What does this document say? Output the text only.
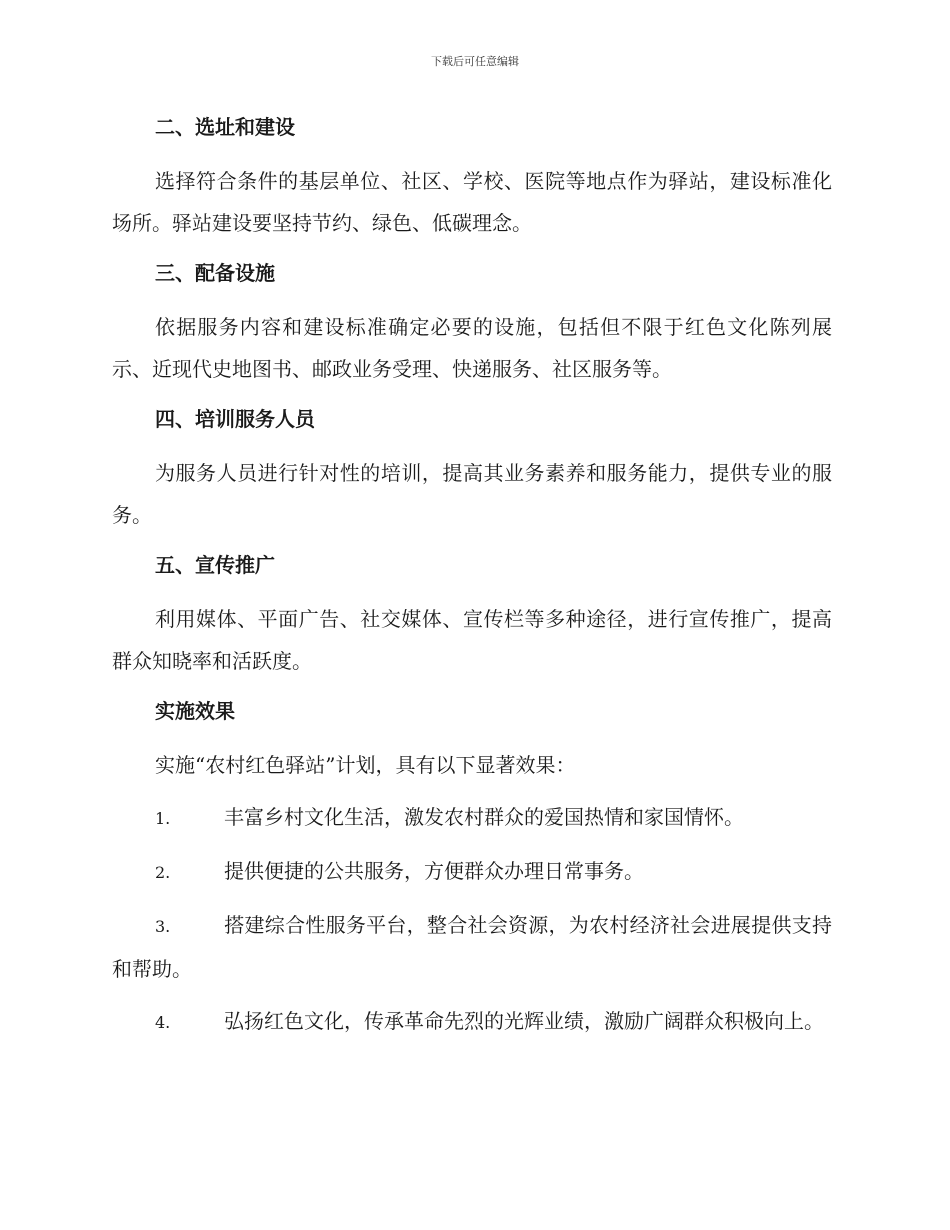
下载后可任意编辑
二、选址和建设

选择符合条件的基层单位、社区、学校、医院等地点作为驿站，建设标准化场所。驿站建设要坚持节约、绿色、低碳理念。

三、配备设施

依据服务内容和建设标准确定必要的设施，包括但不限于红色文化陈列展示、近现代史地图书、邮政业务受理、快递服务、社区服务等。

四、培训服务人员

为服务人员进行针对性的培训，提高其业务素养和服务能力，提供专业的服务。

五、宣传推广

利用媒体、平面广告、社交媒体、宣传栏等多种途径，进行宣传推广，提高群众知晓率和活跃度。

实施效果

实施“农村红色驿站”计划，具有以下显著效果：

1.	丰富乡村文化生活，激发农村群众的爱国热情和家国情怀。

2.	提供便捷的公共服务，方便群众办理日常事务。

3.	搭建综合性服务平台，整合社会资源，为农村经济社会进展提供支持和帮助。

4.	弘扬红色文化，传承革命先烈的光辉业绩，激励广阔群众积极向上。
